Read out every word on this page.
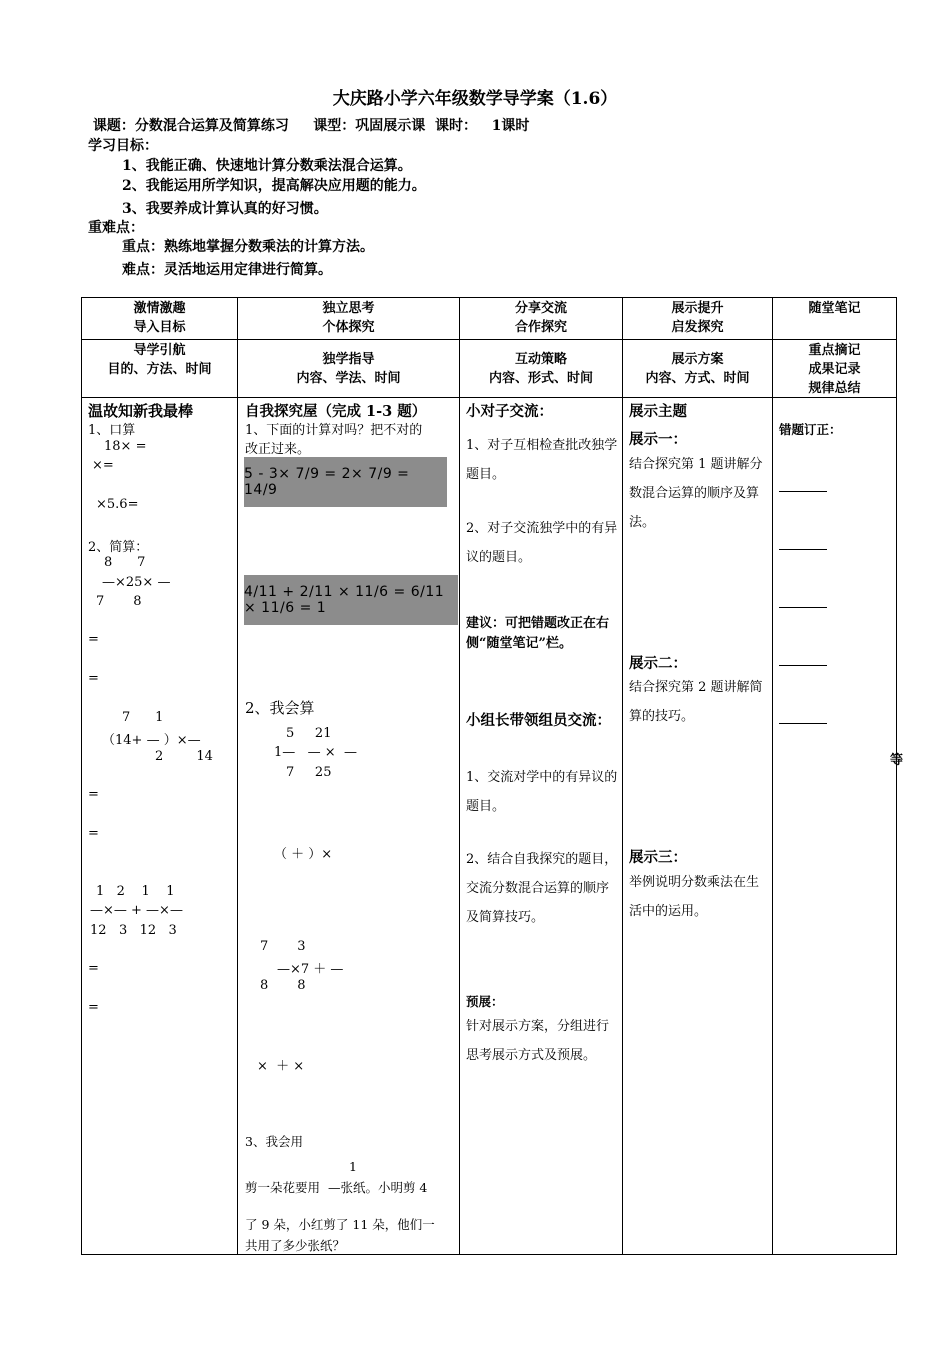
大庆路小学六年级数学导学案（1.6）
课题：分数混合运算及简算练习     课型：巩固展示课  课时：   1课时
学习目标：
1、我能正确、快速地计算分数乘法混合运算。
2、我能运用所学知识，提高解决应用题的能力。
3、我要养成计算认真的好习惯。
重难点：
重点：熟练地掌握分数乘法的计算方法。
难点：灵活地运用定律进行简算。
激情激趣
导入目标
独立思考
个体探究
分享交流
合作探究
展示提升
启发探究
随堂笔记
导学引航
目的、方法、时间
独学指导
内容、学法、时间
互动策略
内容、形式、时间
展示方案
内容、方式、时间
重点摘记
成果记录
规律总结
温故知新我最棒
1、口算
18× =
×=
×5.6=
2、简算：
8      7
—×25× —
7       8
=
=
7      1
（14+ — ）×—
2        14
=
=
1   2    1    1
—×— + —×—
12   3   12   3
=
=
自我探究屋（完成 1-3 题）
1、下面的计算对吗？把不对的
改正过来。
5 - 3× 7/9 = 2× 7/9 = 14/9
4/11 + 2/11 × 11/6 = 6/11 × 11/6 = 1
2、我会算
5     21
1—   — ×  —
7     25
（ ＋ ）×
7       3
—×7 ＋ —
8       8
×  ＋ ×
3、我会用
1
剪一朵花要用  —张纸。小明剪 4
了 9 朵，小红剪了 11 朵，他们一
共用了多少张纸？
小对子交流：
1、对子互相检查批改独学题目。
2、对子交流独学中的有异议的题目。
建议：可把错题改正在右侧“随堂笔记”栏。
小组长带领组员交流：
1、交流对学中的有异议的题目。
2、结合自我探究的题目，交流分数混合运算的顺序及简算技巧。
预展：
针对展示方案，分组进行思考展示方式及预展。
展示主题
展示一：
结合探究第 1 题讲解分数混合运算的顺序及算法。
展示二：
结合探究第 2 题讲解简算的技巧。
展示三：
举例说明分数乘法在生活中的运用。
错题订正：
等
